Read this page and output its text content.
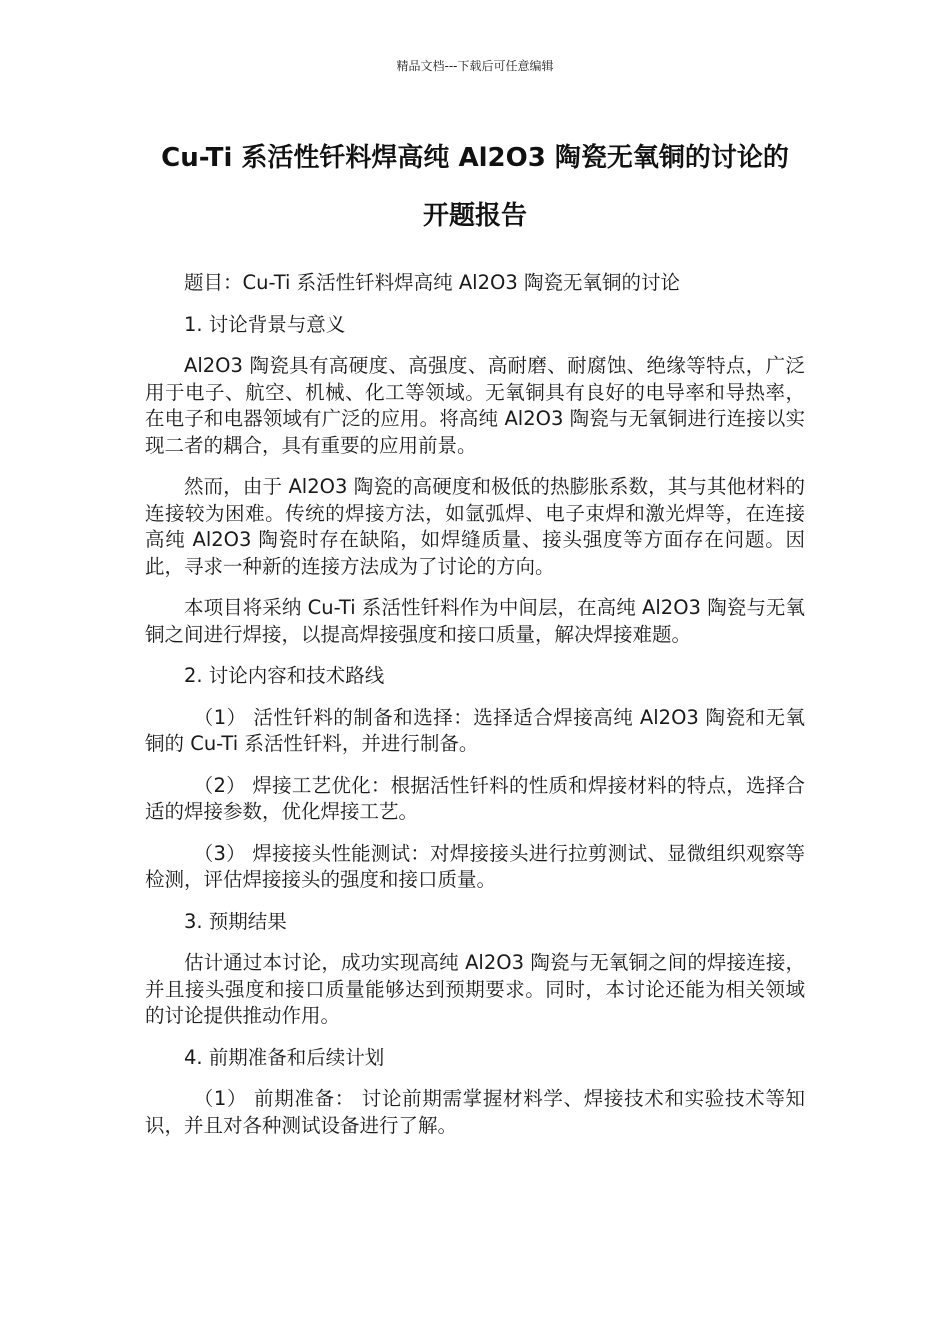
精品文档---下载后可任意编辑
Cu-Ti 系活性钎料焊高纯 Al2O3 陶瓷无氧铜的讨论的
开题报告

题目：Cu-Ti 系活性钎料焊高纯 Al2O3 陶瓷无氧铜的讨论

1. 讨论背景与意义

Al2O3 陶瓷具有高硬度、高强度、高耐磨、耐腐蚀、绝缘等特点，广泛用于电子、航空、机械、化工等领域。无氧铜具有良好的电导率和导热率，在电子和电器领域有广泛的应用。将高纯 Al2O3 陶瓷与无氧铜进行连接以实现二者的耦合，具有重要的应用前景。

然而，由于 Al2O3 陶瓷的高硬度和极低的热膨胀系数，其与其他材料的连接较为困难。传统的焊接方法，如氩弧焊、电子束焊和激光焊等，在连接高纯 Al2O3 陶瓷时存在缺陷，如焊缝质量、接头强度等方面存在问题。因此，寻求一种新的连接方法成为了讨论的方向。

本项目将采纳 Cu-Ti 系活性钎料作为中间层，在高纯 Al2O3 陶瓷与无氧铜之间进行焊接，以提高焊接强度和接口质量，解决焊接难题。

2. 讨论内容和技术路线

（1） 活性钎料的制备和选择：选择适合焊接高纯 Al2O3 陶瓷和无氧铜的 Cu-Ti 系活性钎料，并进行制备。

（2） 焊接工艺优化：根据活性钎料的性质和焊接材料的特点，选择合适的焊接参数，优化焊接工艺。

（3） 焊接接头性能测试：对焊接接头进行拉剪测试、显微组织观察等检测，评估焊接接头的强度和接口质量。

3. 预期结果

估计通过本讨论，成功实现高纯 Al2O3 陶瓷与无氧铜之间的焊接连接，并且接头强度和接口质量能够达到预期要求。同时，本讨论还能为相关领域的讨论提供推动作用。

4. 前期准备和后续计划

（1） 前期准备： 讨论前期需掌握材料学、焊接技术和实验技术等知识，并且对各种测试设备进行了解。
